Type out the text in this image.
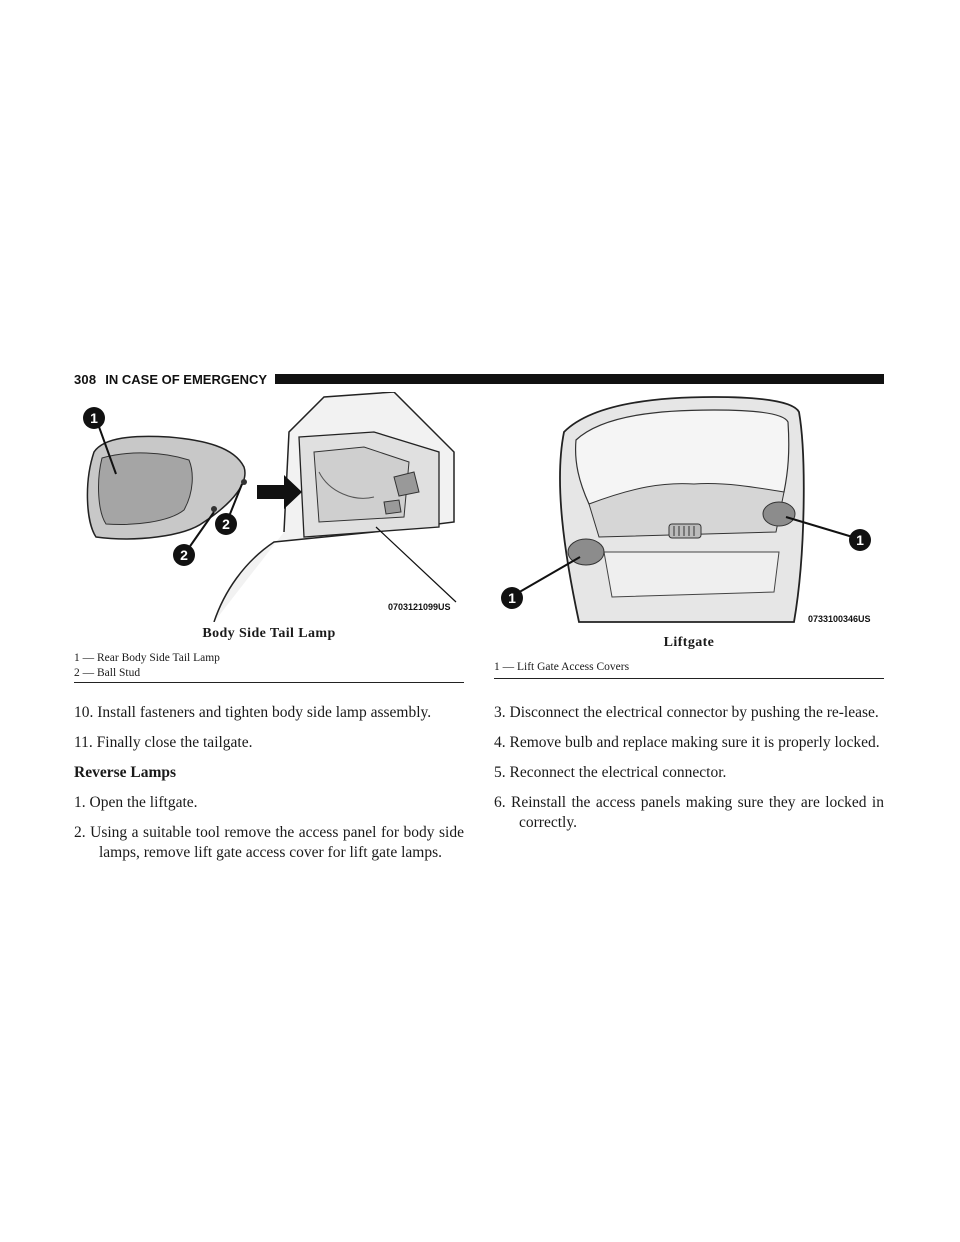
308 IN CASE OF EMERGENCY
1
2
2
0703121099US
Body Side Tail Lamp
1 — Rear Body Side Tail Lamp
2 — Ball Stud
1
1
0733100346US
Liftgate
1 — Lift Gate Access Covers

10. Install fasteners and tighten body side lamp assembly.

11. Finally close the tailgate.

Reverse Lamps

1. Open the liftgate.

2. Using a suitable tool remove the access panel for body side lamps, remove lift gate access cover for lift gate lamps.

3. Disconnect the electrical connector by pushing the re-lease.

4. Remove bulb and replace making sure it is properly locked.

5. Reconnect the electrical connector.

6. Reinstall the access panels making sure they are locked in correctly.
